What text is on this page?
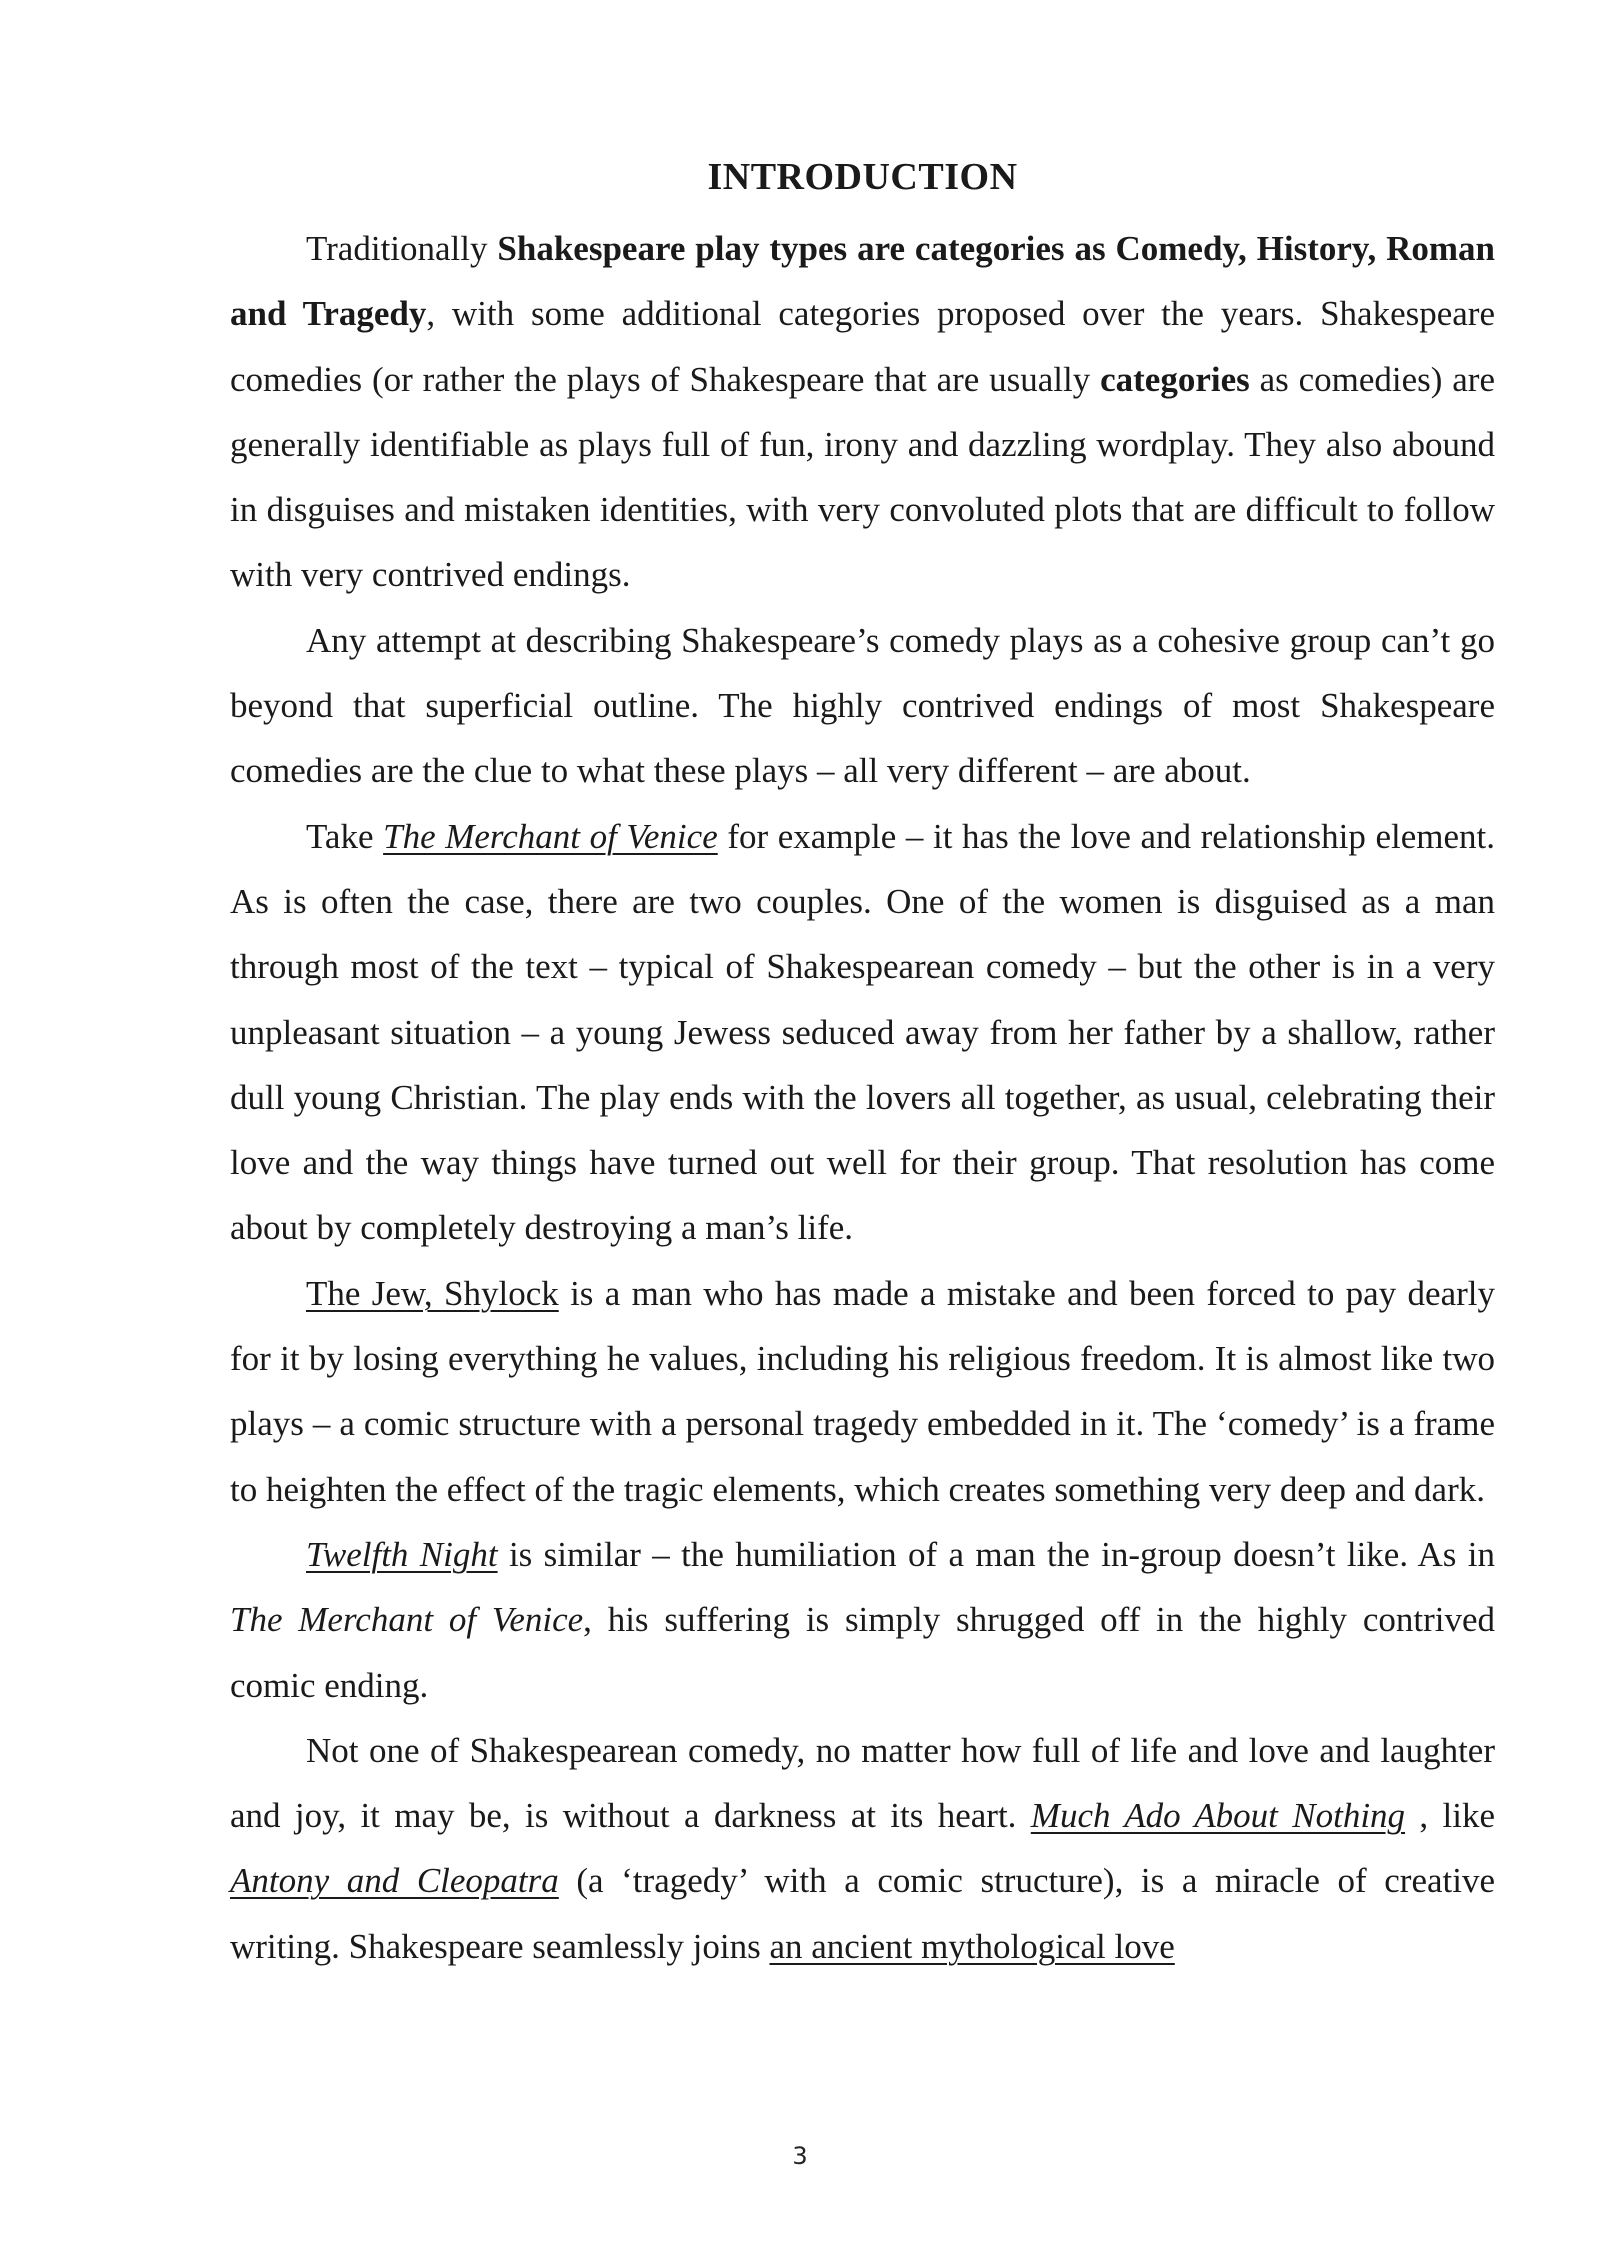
INTRODUCTION

Traditionally Shakespeare play types are categories as Comedy, History, Roman and Tragedy, with some additional categories proposed over the years. Shakespeare comedies (or rather the plays of Shakespeare that are usually categories as comedies) are generally identifiable as plays full of fun, irony and dazzling wordplay. They also abound in disguises and mistaken identities, with very convoluted plots that are difficult to follow with very contrived endings.

Any attempt at describing Shakespeare’s comedy plays as a cohesive group can’t go beyond that superficial outline. The highly contrived endings of most Shakespeare comedies are the clue to what these plays – all very different – are about.

Take The Merchant of Venice for example – it has the love and relationship element. As is often the case, there are two couples. One of the women is disguised as a man through most of the text – typical of Shakespearean comedy – but the other is in a very unpleasant situation – a young Jewess seduced away from her father by a shallow, rather dull young Christian. The play ends with the lovers all together, as usual, celebrating their love and the way things have turned out well for their group. That resolution has come about by completely destroying a man’s life.

The Jew, Shylock is a man who has made a mistake and been forced to pay dearly for it by losing everything he values, including his religious freedom. It is almost like two plays – a comic structure with a personal tragedy embedded in it. The ‘comedy’ is a frame to heighten the effect of the tragic elements, which creates something very deep and dark.

Twelfth Night is similar – the humiliation of a man the in-group doesn’t like. As in The Merchant of Venice, his suffering is simply shrugged off in the highly contrived comic ending.

Not one of Shakespearean comedy, no matter how full of life and love and laughter and joy, it may be, is without a darkness at its heart. Much Ado About Nothing , like Antony and Cleopatra (a ‘tragedy’ with a comic structure), is a miracle of creative writing. Shakespeare seamlessly joins an ancient mythological love

3
